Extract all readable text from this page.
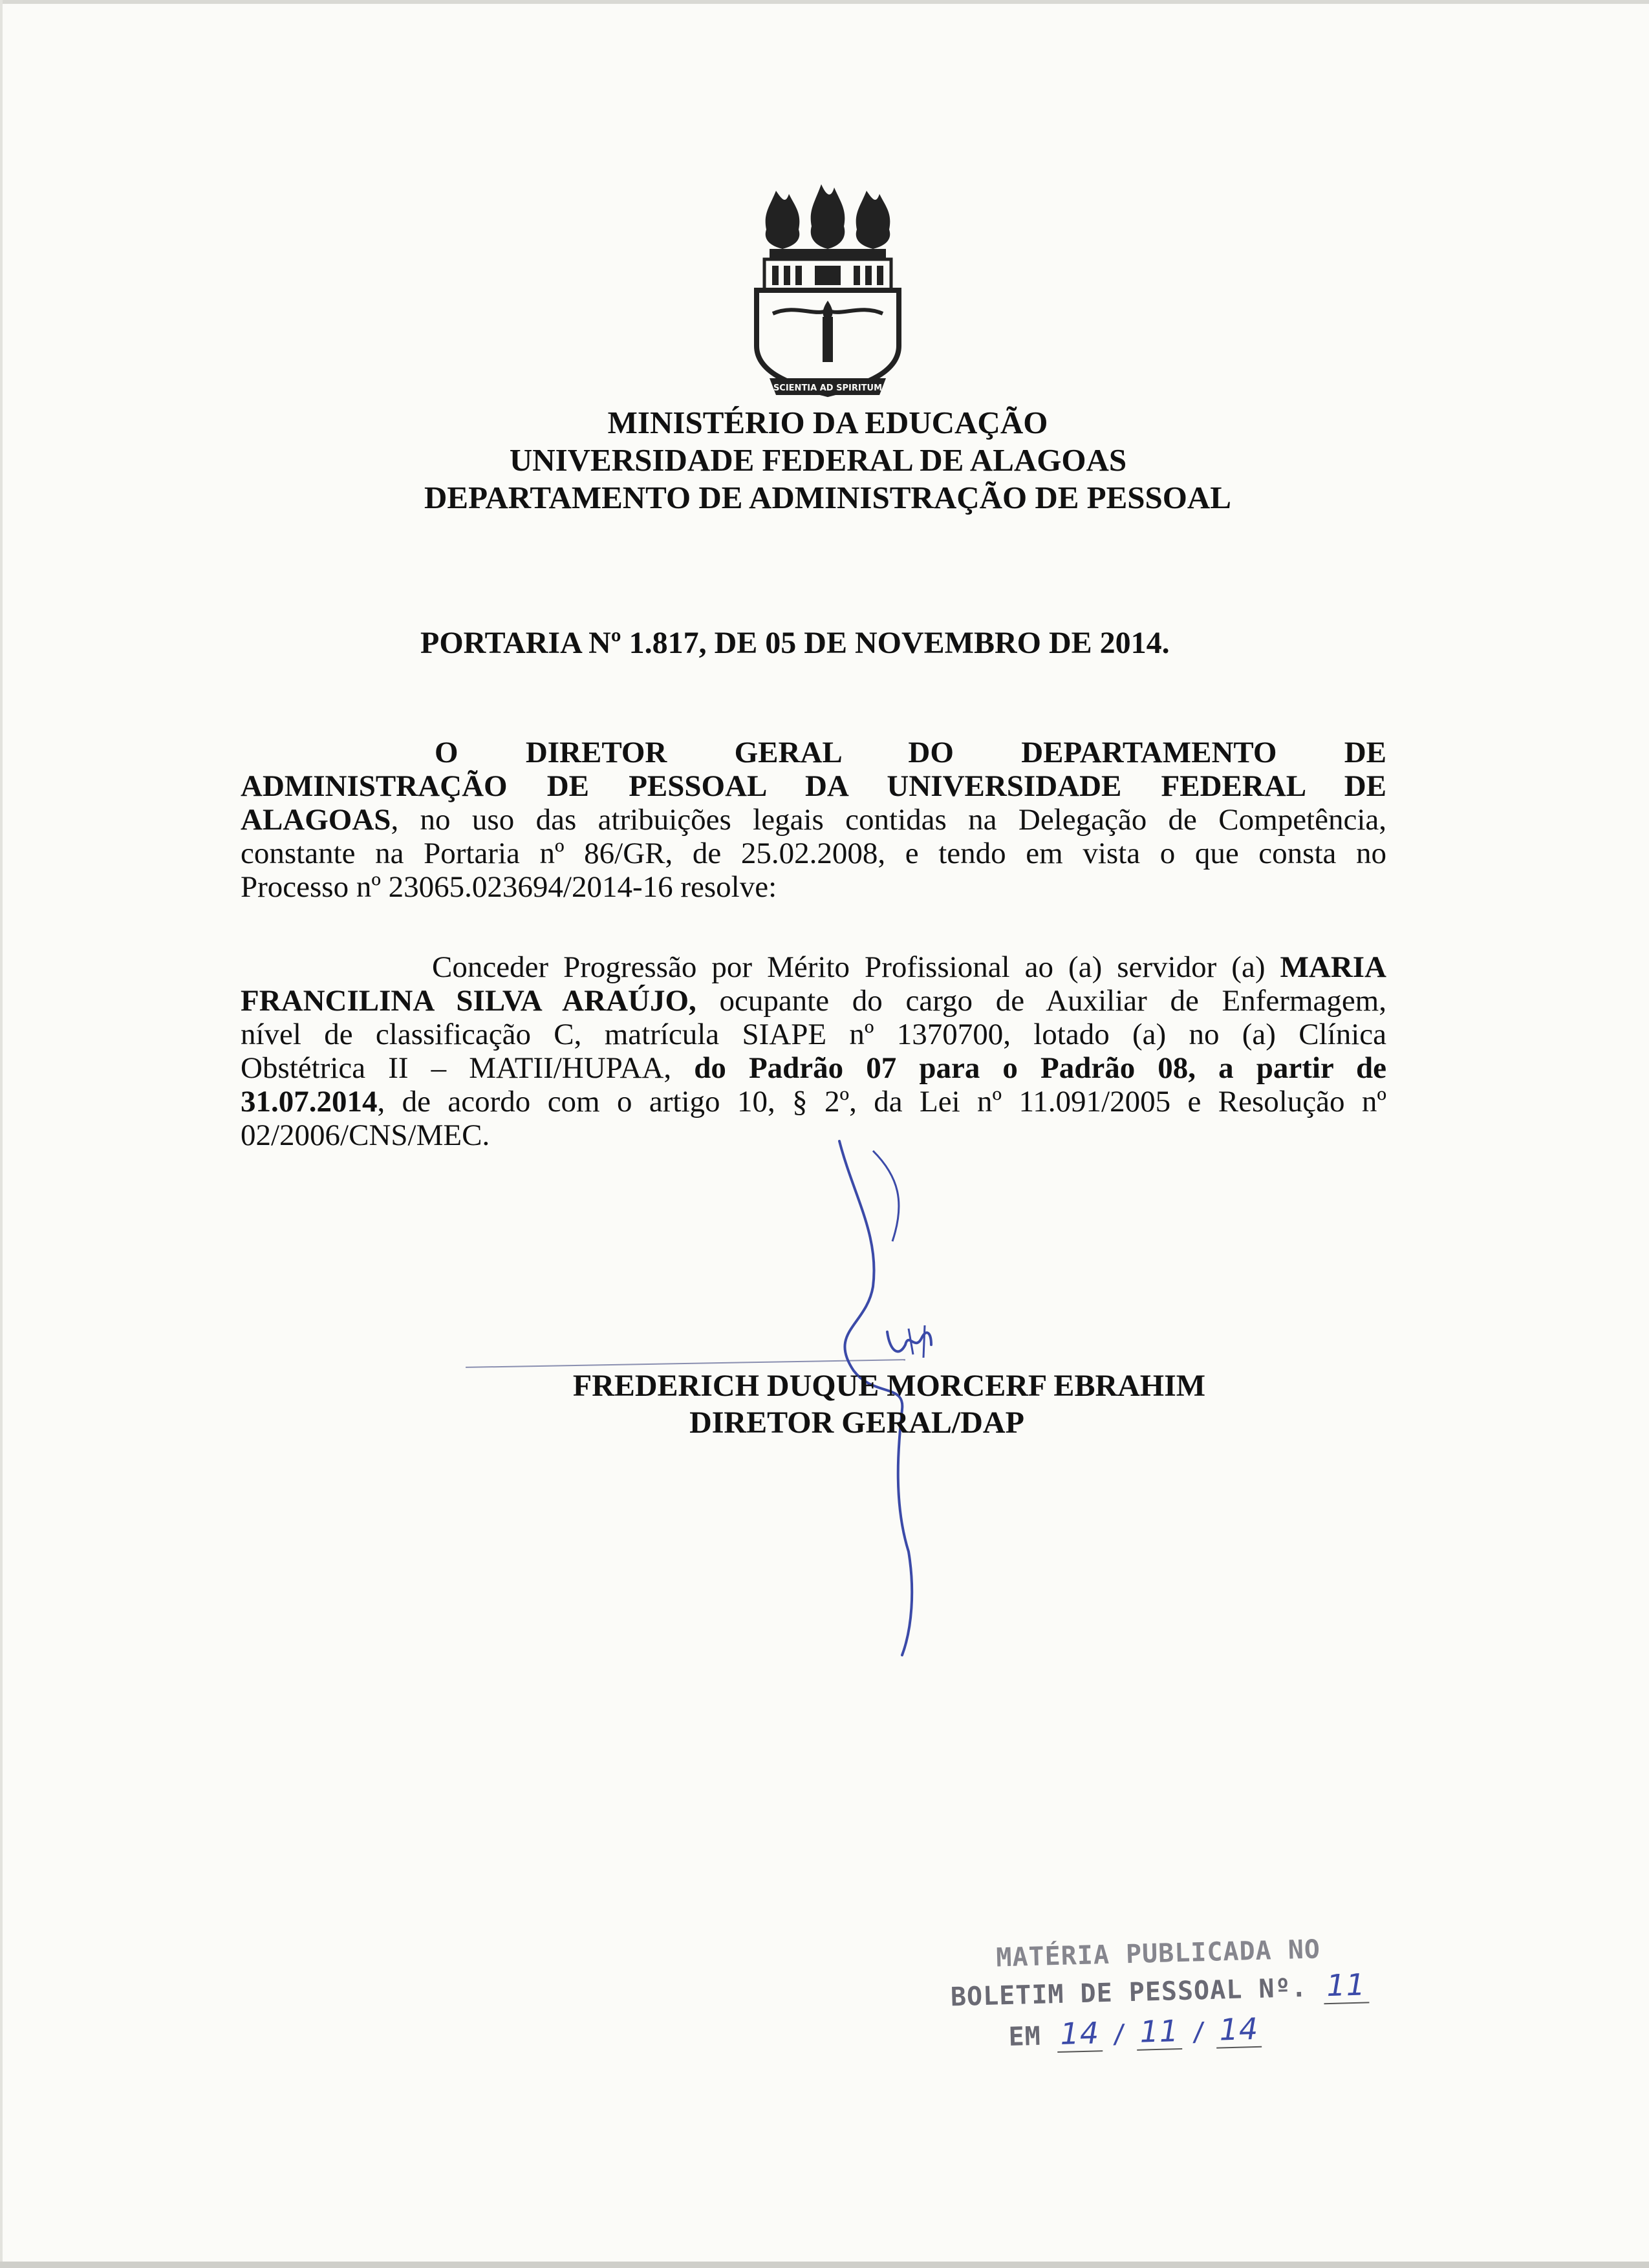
SCIENTIA AD SPIRITUM
MINISTÉRIO DA EDUCAÇÃO
UNIVERSIDADE FEDERAL DE ALAGOAS
DEPARTAMENTO DE ADMINISTRAÇÃO DE PESSOAL
PORTARIA Nº 1.817, DE 05 DE NOVEMBRO DE 2014.
O DIRETOR GERAL DO DEPARTAMENTO DE
ADMINISTRAÇÃO DE PESSOAL DA UNIVERSIDADE FEDERAL DE
ALAGOAS, no uso das atribuições legais contidas na Delegação de Competência,
constante na Portaria nº 86/GR, de 25.02.2008, e tendo em vista o que consta no
Processo nº 23065.023694/2014-16 resolve:
Conceder Progressão por Mérito Profissional ao (a) servidor (a) MARIA
FRANCILINA SILVA ARAÚJO, ocupante do cargo de Auxiliar de Enfermagem,
nível de classificação C, matrícula SIAPE nº 1370700, lotado (a) no (a) Clínica
Obstétrica II – MATII/HUPAA, do Padrão 07 para o Padrão 08, a partir de
31.07.2014, de acordo com o artigo 10, § 2º, da Lei nº 11.091/2005 e Resolução nº
02/2006/CNS/MEC.
FREDERICH DUQUE MORCERF EBRAHIM
DIRETOR GERAL/DAP
MATÉRIA PUBLICADA NO
BOLETIM DE PESSOAL Nº. 11
EM 14 / 11 / 14
